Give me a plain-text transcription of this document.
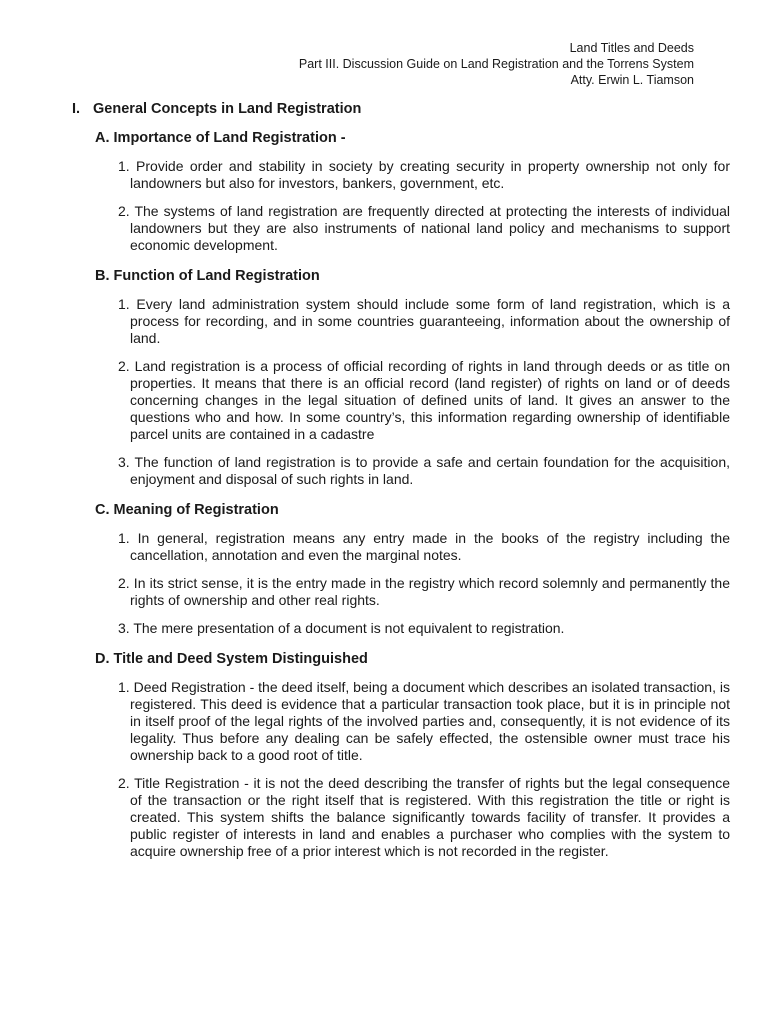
Land Titles and Deeds
Part III. Discussion Guide on Land Registration and the Torrens System
Atty. Erwin L. Tiamson
I. General Concepts in Land Registration
A. Importance of Land Registration -
1. Provide order and stability in society by creating security in property ownership not only for landowners but also for investors, bankers, government, etc.
2. The systems of land registration are frequently directed at protecting the interests of individual landowners but they are also instruments of national land policy and mechanisms to support economic development.
B. Function of Land Registration
1. Every land administration system should include some form of land registration, which is a process for recording, and in some countries guaranteeing, information about the ownership of land.
2. Land registration is a process of official recording of rights in land through deeds or as title on properties. It means that there is an official record (land register) of rights on land or of deeds concerning changes in the legal situation of defined units of land. It gives an answer to the questions who and how. In some country’s, this information regarding ownership of identifiable parcel units are contained in a cadastre
3. The function of land registration is to provide a safe and certain foundation for the acquisition, enjoyment and disposal of such rights in land.
C. Meaning of Registration
1. In general, registration means any entry made in the books of the registry including the cancellation, annotation and even the marginal notes.
2. In its strict sense, it is the entry made in the registry which record solemnly and permanently the rights of ownership and other real rights.
3. The mere presentation of a document is not equivalent to registration.
D. Title and Deed System Distinguished
1. Deed Registration - the deed itself, being a document which describes an isolated transaction, is registered. This deed is evidence that a particular transaction took place, but it is in principle not in itself proof of the legal rights of the involved parties and, consequently, it is not evidence of its legality. Thus before any dealing can be safely effected, the ostensible owner must trace his ownership back to a good root of title.
2. Title Registration - it is not the deed describing the transfer of rights but the legal consequence of the transaction or the right itself that is registered. With this registration the title or right is created. This system shifts the balance significantly towards facility of transfer. It provides a public register of interests in land and enables a purchaser who complies with the system to acquire ownership free of a prior interest which is not recorded in the register.
